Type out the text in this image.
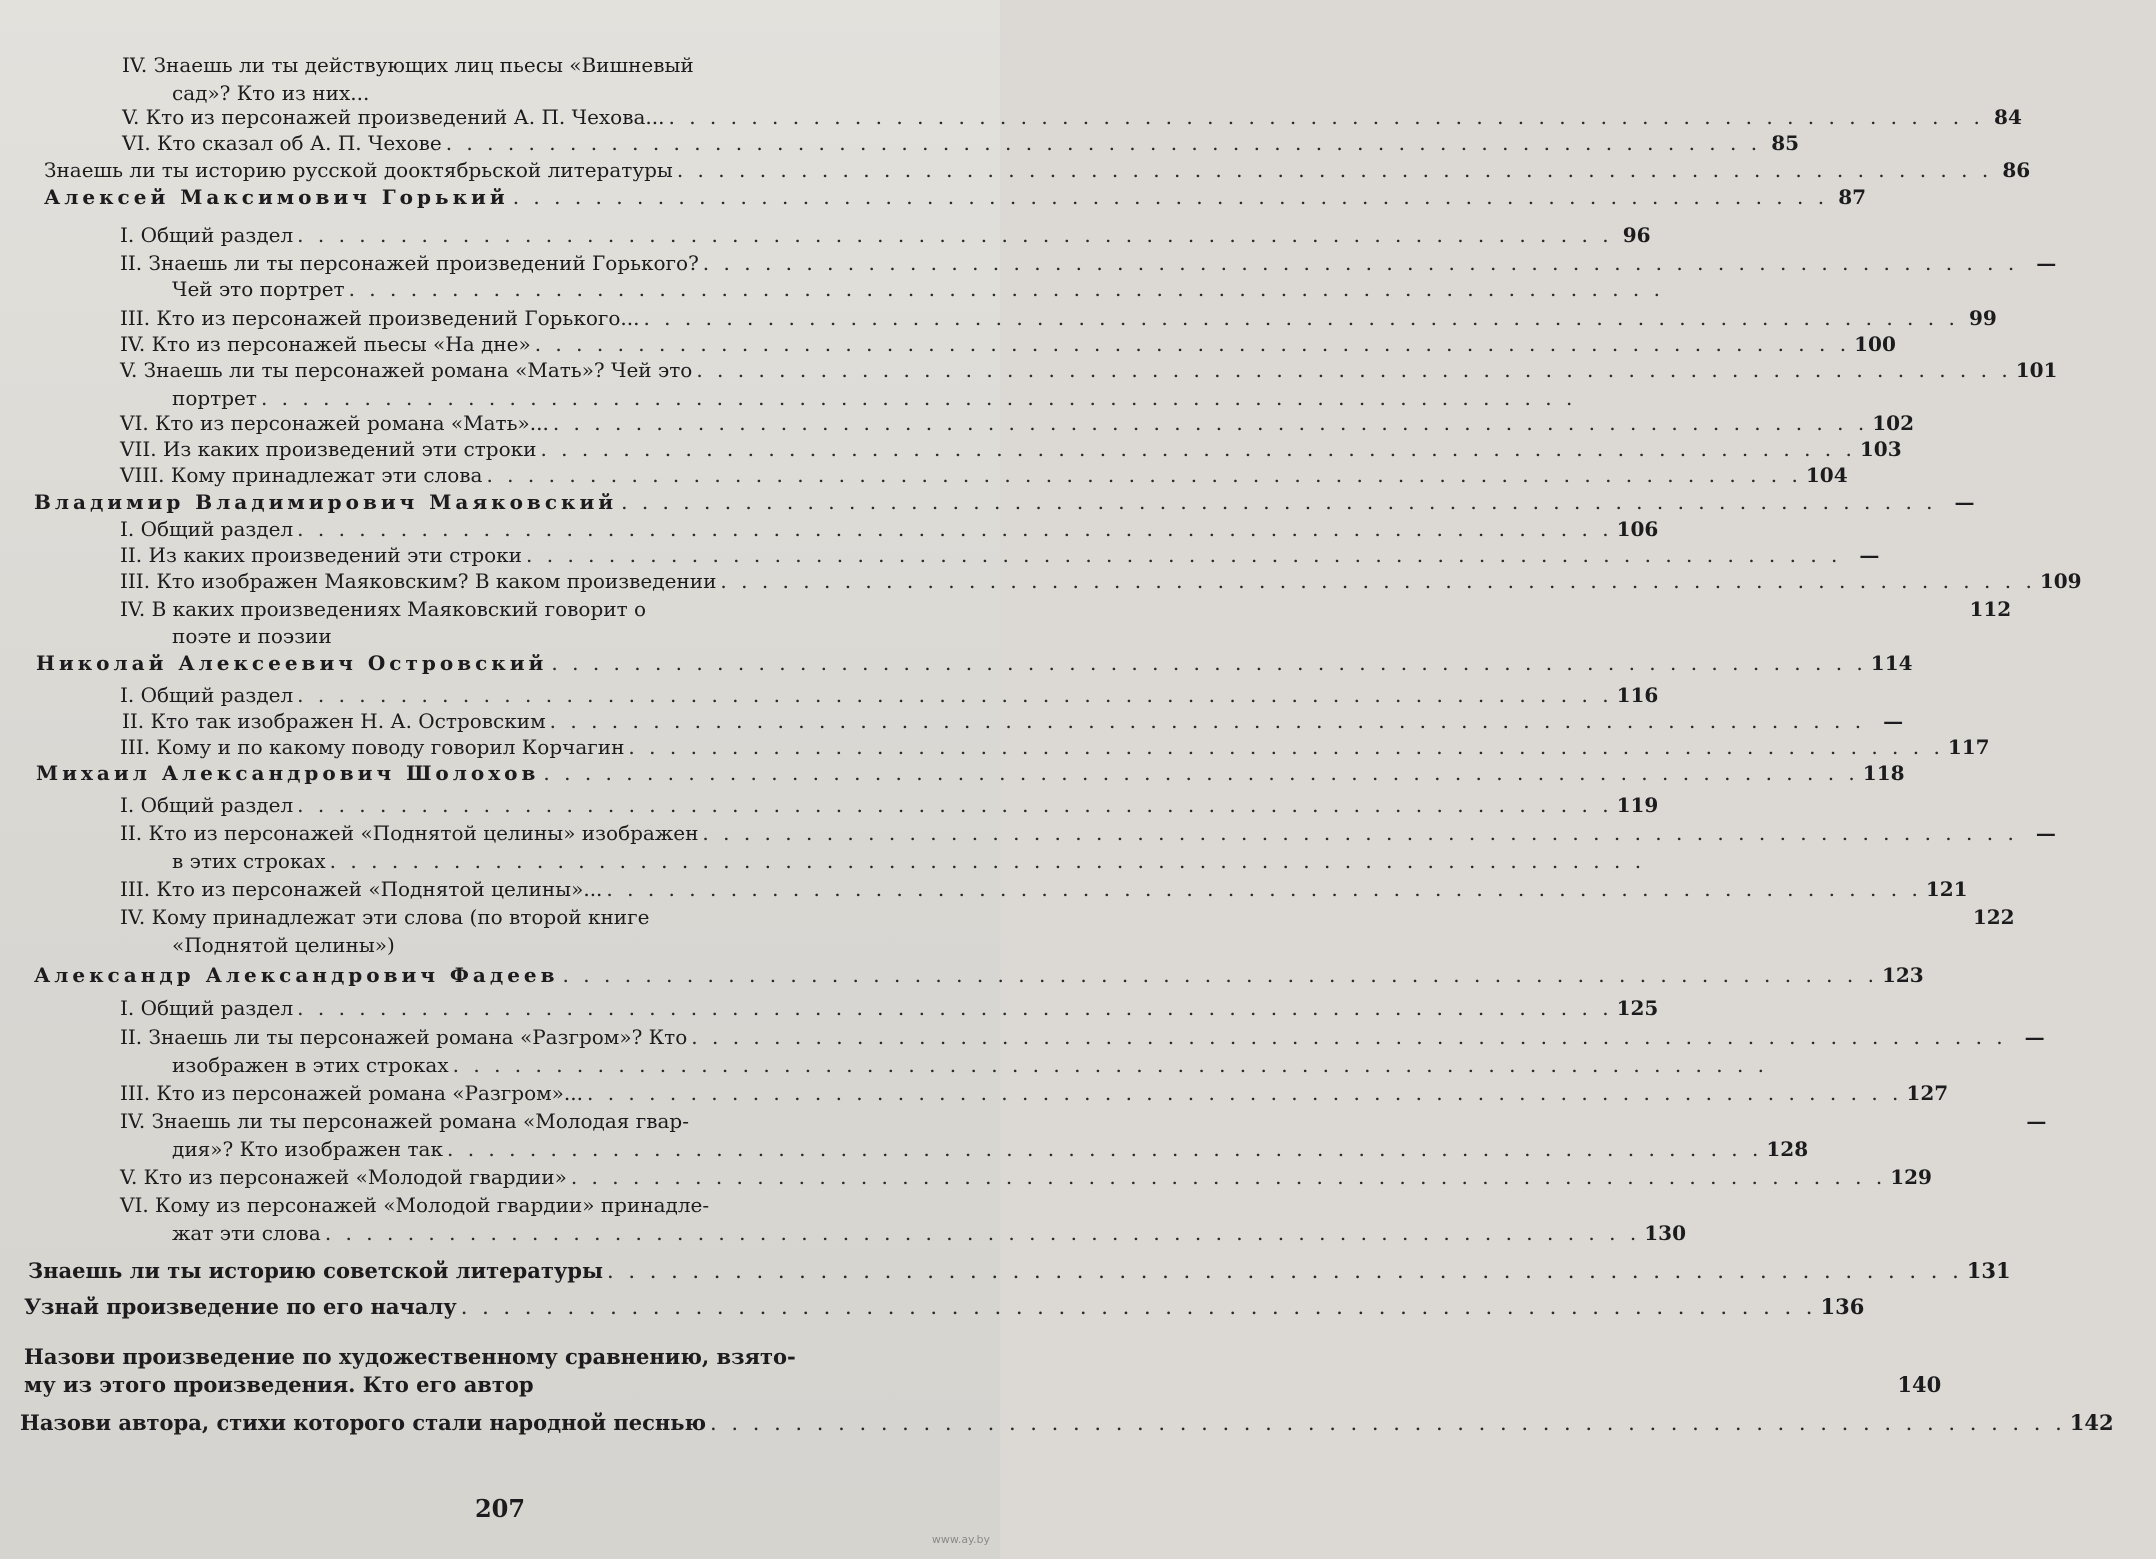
IV. Знаешь ли ты действующих лиц пьесы «Вишневый
сад»? Кто из них...
V. Кто из персонажей произведений А. П. Чехова... . . .	84
VI. Кто сказал об А. П. Чехове . . .	85
Знаешь ли ты историю русской дооктябрьской литературы . . .	86
Алексей Максимович Горький . . .	87
I. Общий раздел . . .	96
II. Знаешь ли ты персонажей произведений Горького? . . .	—
Чей это портрет
. . .
III. Кто из персонажей произведений Горького... . . .	99
IV. Кто из персонажей пьесы «На дне» . . .	100
V. Знаешь ли ты персонажей романа «Мать»? Чей это . . .	101
портрет
. . .
VI. Кто из персонажей романа «Мать»... . . .	102
VII. Из каких произведений эти строки . . .	103
VIII. Кому принадлежат эти слова . . .	104
Владимир Владимирович Маяковский . . .	—
I. Общий раздел . . .	106
II. Из каких произведений эти строки . . .	—
III. Кто изображен Маяковским? В каком произведении . . .	109
IV. В каких произведениях Маяковский говорит о	112
поэте и поэзии
Николай Алексеевич Островский . . .	114
I. Общий раздел . . .	116
II. Кто так изображен Н. А. Островским . . .	—
III. Кому и по какому поводу говорил Корчагин . . .	117
Михаил Александрович Шолохов . . .	118
I. Общий раздел . . .	119
II. Кто из персонажей «Поднятой целины» изображен . . .	—
в этих строках
. . .
III. Кто из персонажей «Поднятой целины»... . . .	121
IV. Кому принадлежат эти слова (по второй книге	122
«Поднятой целины»)
Александр Александрович Фадеев . . .	123
I. Общий раздел . . .	125
II. Знаешь ли ты персонажей романа «Разгром»? Кто . . .	—
изображен в этих строках
. . .
III. Кто из персонажей романа «Разгром»... . . .	127
IV. Знаешь ли ты персонажей романа «Молодая гвар-	—
дия»? Кто изображен так . . .	128
V. Кто из персонажей «Молодой гвардии» . . .	129
VI. Кому из персонажей «Молодой гвардии» принадле-
жат эти слова . . .	130
Знаешь ли ты историю советской литературы . . .	131
Узнай произведение по его началу . . .	136
Назови произведение по художественному сравнению, взято-
му из этого произведения. Кто его автор	140
Назови автора, стихи которого стали народной песнью . . .	142
207
www.ay.by
